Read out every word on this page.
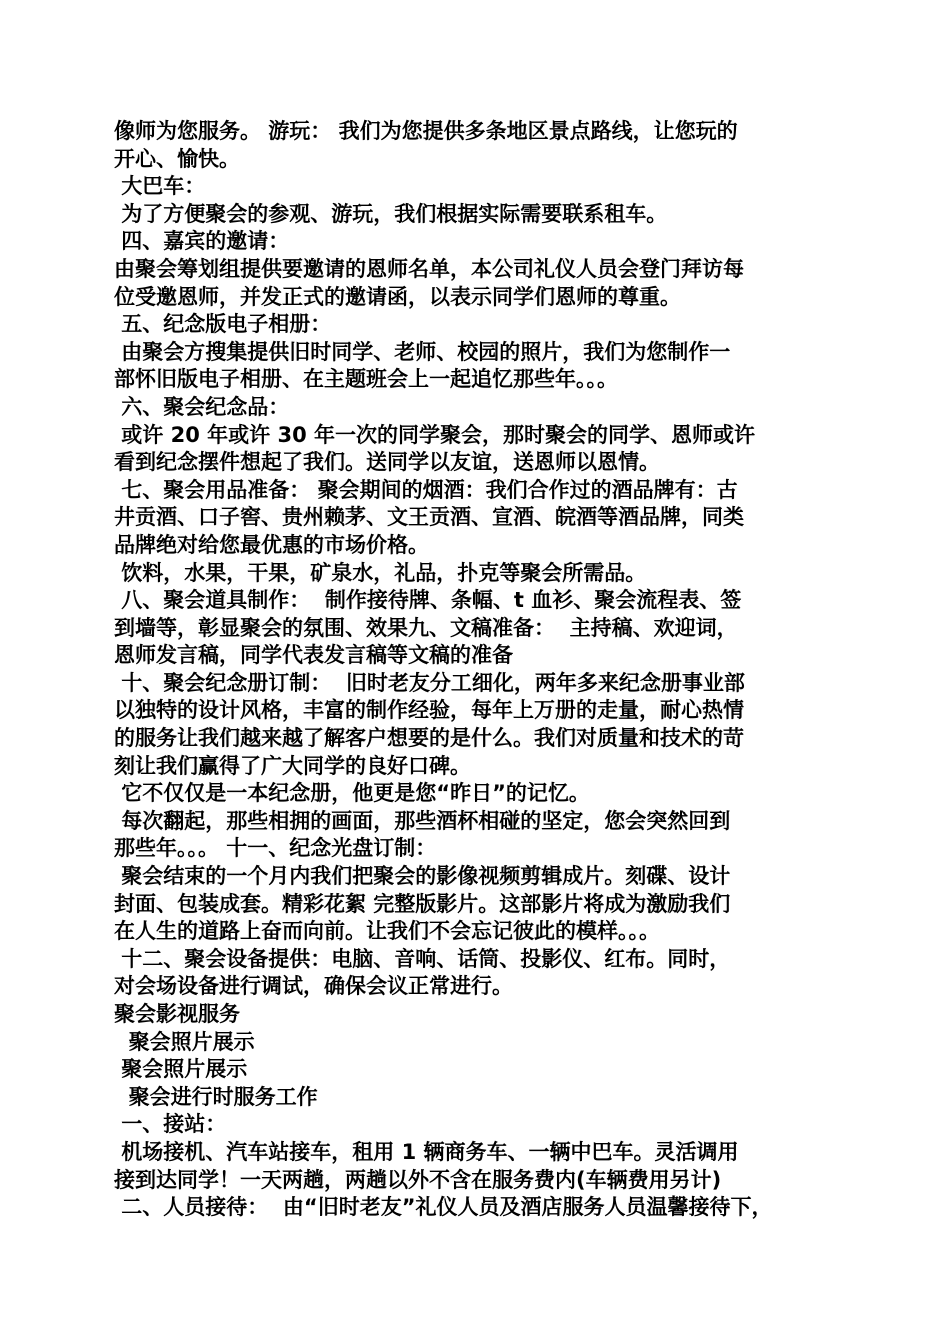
像师为您服务。 游玩： 我们为您提供多条地区景点路线，让您玩的
开心、愉快。
大巴车：
为了方便聚会的参观、游玩，我们根据实际需要联系租车。
四、嘉宾的邀请：
由聚会筹划组提供要邀请的恩师名单，本公司礼仪人员会登门拜访每
位受邀恩师，并发正式的邀请函，以表示同学们恩师的尊重。
五、纪念版电子相册：
由聚会方搜集提供旧时同学、老师、校园的照片，我们为您制作一
部怀旧版电子相册、在主题班会上一起追忆那些年。。。
六、聚会纪念品：
或许 20 年或许 30 年一次的同学聚会，那时聚会的同学、恩师或许
看到纪念摆件想起了我们。送同学以友谊，送恩师以恩情。
七、聚会用品准备： 聚会期间的烟酒：我们合作过的酒品牌有：古
井贡酒、口子窖、贵州赖茅、文王贡酒、宣酒、皖酒等酒品牌，同类
品牌绝对给您最优惠的市场价格。
饮料，水果，干果，矿泉水，礼品，扑克等聚会所需品。
八、聚会道具制作：  制作接待牌、条幅、t 血衫、聚会流程表、签
到墙等，彰显聚会的氛围、效果九、文稿准备：  主持稿、欢迎词，
恩师发言稿，同学代表发言稿等文稿的准备
十、聚会纪念册订制：  旧时老友分工细化，两年多来纪念册事业部
以独特的设计风格，丰富的制作经验，每年上万册的走量，耐心热情
的服务让我们越来越了解客户想要的是什么。我们对质量和技术的苛
刻让我们赢得了广大同学的良好口碑。
它不仅仅是一本纪念册，他更是您“昨日”的记忆。
每次翻起，那些相拥的画面，那些酒杯相碰的坚定，您会突然回到
那些年。。。 十一、纪念光盘订制：
聚会结束的一个月内我们把聚会的影像视频剪辑成片。刻碟、设计
封面、包装成套。精彩花絮 完整版影片。这部影片将成为激励我们
在人生的道路上奋而向前。让我们不会忘记彼此的模样。。。
十二、聚会设备提供：电脑、音响、话筒、投影仪、红布。同时，
对会场设备进行调试，确保会议正常进行。
聚会影视服务
聚会照片展示
聚会照片展示
聚会进行时服务工作
一、接站：
机场接机、汽车站接车，租用 1 辆商务车、一辆中巴车。灵活调用
接到达同学！一天两趟，两趟以外不含在服务费内(车辆费用另计)
二、人员接待：  由“旧时老友”礼仪人员及酒店服务人员温馨接待下，
